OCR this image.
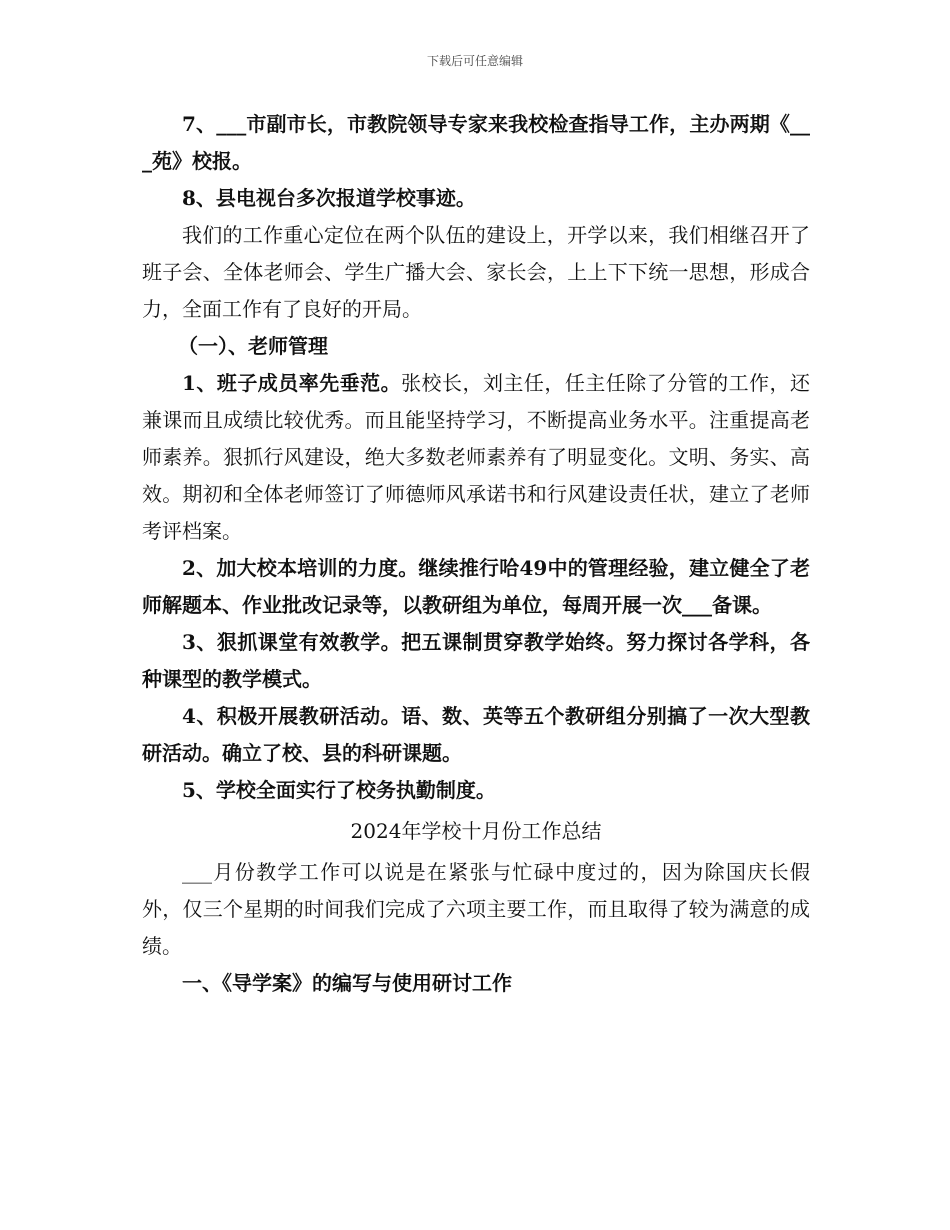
下载后可任意编辑

7、___市副市长，市教院领导专家来我校检查指导工作，主办两期《___苑》校报。

8、县电视台多次报道学校事迹。

我们的工作重心定位在两个队伍的建设上，开学以来，我们相继召开了班子会、全体老师会、学生广播大会、家长会，上上下下统一思想，形成合力，全面工作有了良好的开局。

（一）、老师管理

1、班子成员率先垂范。张校长，刘主任，任主任除了分管的工作，还兼课而且成绩比较优秀。而且能坚持学习，不断提高业务水平。注重提高老师素养。狠抓行风建设，绝大多数老师素养有了明显变化。文明、务实、高效。期初和全体老师签订了师德师风承诺书和行风建设责任状，建立了老师考评档案。

2、加大校本培训的力度。继续推行哈49中的管理经验，建立健全了老师解题本、作业批改记录等，以教研组为单位，每周开展一次___备课。

3、狠抓课堂有效教学。把五课制贯穿教学始终。努力探讨各学科，各种课型的教学模式。

4、积极开展教研活动。语、数、英等五个教研组分别搞了一次大型教研活动。确立了校、县的科研课题。

5、学校全面实行了校务执勤制度。

2024年学校十月份工作总结

___月份教学工作可以说是在紧张与忙碌中度过的，因为除国庆长假外，仅三个星期的时间我们完成了六项主要工作，而且取得了较为满意的成绩。

一、《导学案》的编写与使用研讨工作
